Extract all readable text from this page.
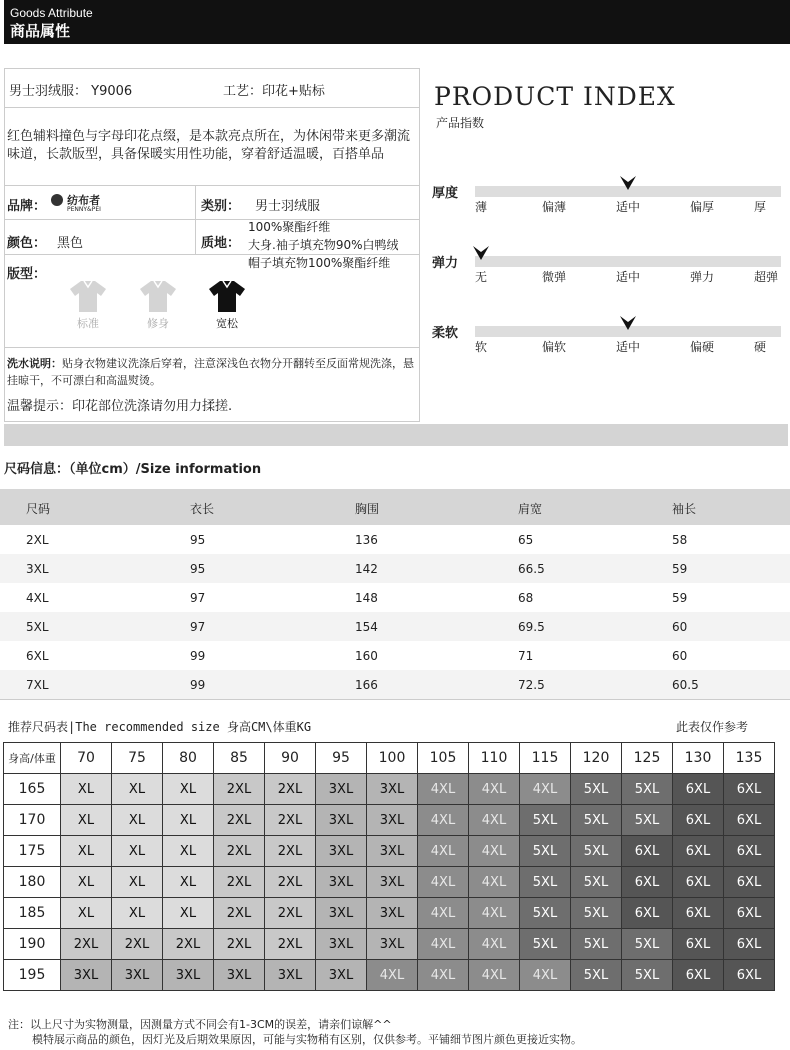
Goods Attribute
商品属性
男士羽绒服： Y9006	工艺：印花+贴标
红色辅料撞色与字母印花点缀，是本款亮点所在，为休闲带来更多潮流味道，长款版型，具备保暖实用性功能，穿着舒适温暖，百搭单品
品牌：	纺布者
PENNY&PEI	类别： 男士羽绒服
颜色： 黑色	质地：
100%聚酯纤维
大身.袖子填充物90%白鸭绒
帽子填充物100%聚酯纤维
版型：
标准	修身	宽松
洗水说明：贴身衣物建议洗涤后穿着，注意深浅色衣物分开翻转至反面常规洗涤，悬挂晾干，不可漂白和高温熨烫。
温馨提示：印花部位洗涤请勿用力揉搓.
PRODUCT INDEX
产品指数
厚度
薄	偏薄	适中	偏厚	厚
弹力
无	微弹	适中	弹力	超弹
柔软
软	偏软	适中	偏硬	硬
尺码信息：（单位cm）/Size information
尺码	衣长	胸围	肩宽	袖长
2XL	95	136	65	58
3XL	95	142	66.5	59
4XL	97	148	68	59
5XL	97	154	69.5	60
6XL	99	160	71	60
7XL	99	166	72.5	60.5
推荐尺码表|The recommended size 身高CM\体重KG	此表仅作参考
身高/体重	70	75	80	85	90	95	100	105	110	115	120	125	130	135
165	XL	XL	XL	2XL	2XL	3XL	3XL	4XL	4XL	4XL	5XL	5XL	6XL	6XL
170	XL	XL	XL	2XL	2XL	3XL	3XL	4XL	4XL	5XL	5XL	5XL	6XL	6XL
175	XL	XL	XL	2XL	2XL	3XL	3XL	4XL	4XL	5XL	5XL	6XL	6XL	6XL
180	XL	XL	XL	2XL	2XL	3XL	3XL	4XL	4XL	5XL	5XL	6XL	6XL	6XL
185	XL	XL	XL	2XL	2XL	3XL	3XL	4XL	4XL	5XL	5XL	6XL	6XL	6XL
190	2XL	2XL	2XL	2XL	2XL	3XL	3XL	4XL	4XL	5XL	5XL	5XL	6XL	6XL
195	3XL	3XL	3XL	3XL	3XL	3XL	4XL	4XL	4XL	4XL	5XL	5XL	6XL	6XL
注：以上尺寸为实物测量，因测量方式不同会有1-3CM的误差，请亲们谅解^^
模特展示商品的颜色，因灯光及后期效果原因，可能与实物稍有区别，仅供参考。平铺细节图片颜色更接近实物。
